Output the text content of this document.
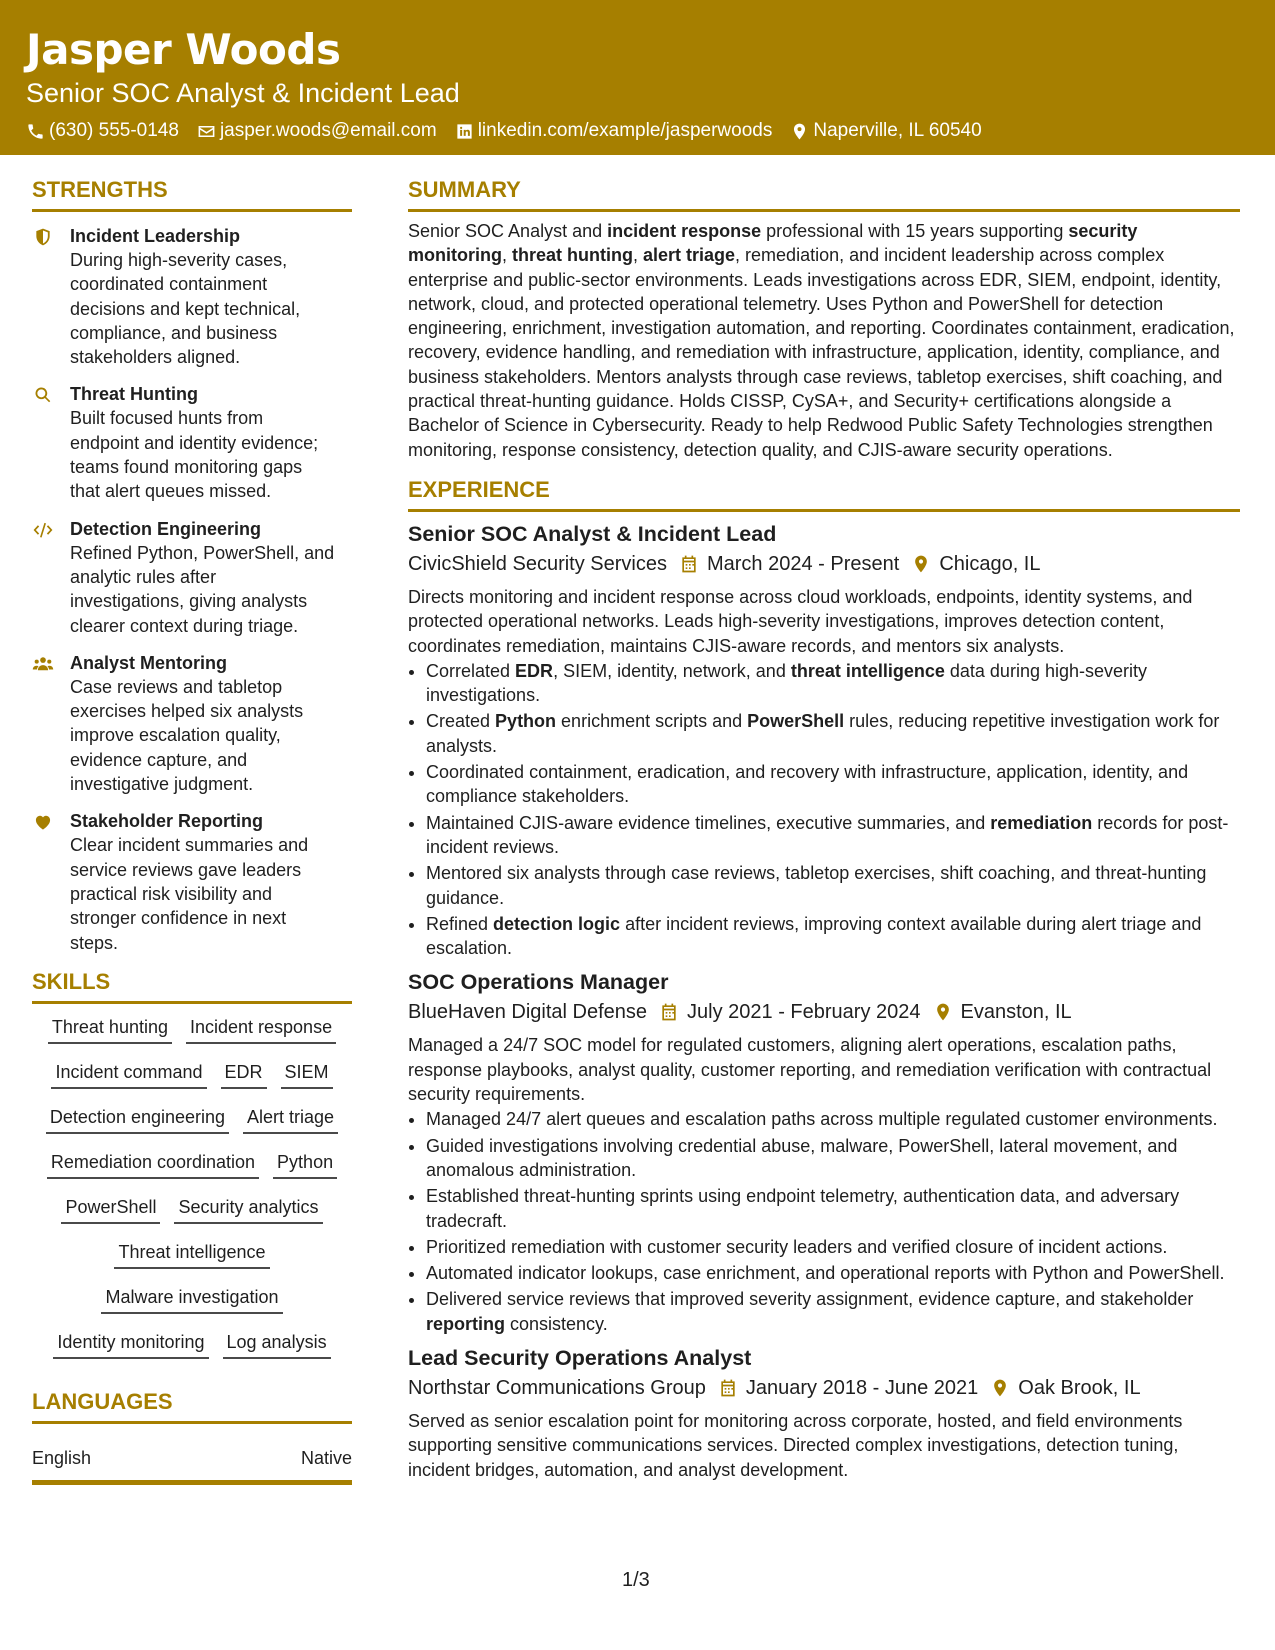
Jasper Woods
Senior SOC Analyst & Incident Lead
(630) 555-0148 jasper.woods@email.com linkedin.com/example/jasperwoods Naperville, IL 60540
STRENGTHS
Incident Leadership
During high-severity cases,
coordinated containment
decisions and kept technical,
compliance, and business
stakeholders aligned.
Threat Hunting
Built focused hunts from
endpoint and identity evidence;
teams found monitoring gaps
that alert queues missed.
Detection Engineering
Refined Python, PowerShell, and
analytic rules after
investigations, giving analysts
clearer context during triage.
Analyst Mentoring
Case reviews and tabletop
exercises helped six analysts
improve escalation quality,
evidence capture, and
investigative judgment.
Stakeholder Reporting
Clear incident summaries and
service reviews gave leaders
practical risk visibility and
stronger confidence in next
steps.
SKILLS
Threat hunting Incident response
Incident command EDR SIEM
Detection engineering Alert triage
Remediation coordination Python
PowerShell Security analytics
Threat intelligence
Malware investigation
Identity monitoring Log analysis
LANGUAGES
English	Native
SUMMARY
Senior SOC Analyst and incident response professional with 15 years supporting security monitoring, threat hunting, alert triage, remediation, and incident leadership across complex enterprise and public-sector environments. Leads investigations across EDR, SIEM, endpoint, identity, network, cloud, and protected operational telemetry. Uses Python and PowerShell for detection engineering, enrichment, investigation automation, and reporting. Coordinates containment, eradication, recovery, evidence handling, and remediation with infrastructure, application, identity, compliance, and business stakeholders. Mentors analysts through case reviews, tabletop exercises, shift coaching, and practical threat-hunting guidance. Holds CISSP, CySA+, and Security+ certifications alongside a Bachelor of Science in Cybersecurity. Ready to help Redwood Public Safety Technologies strengthen monitoring, response consistency, detection quality, and CJIS-aware security operations.
EXPERIENCE
Senior SOC Analyst & Incident Lead
CivicShield Security Services March 2024 - Present Chicago, IL
Directs monitoring and incident response across cloud workloads, endpoints, identity systems, and protected operational networks. Leads high-severity investigations, improves detection content, coordinates remediation, maintains CJIS-aware records, and mentors six analysts.
• Correlated EDR, SIEM, identity, network, and threat intelligence data during high-severity investigations.
• Created Python enrichment scripts and PowerShell rules, reducing repetitive investigation work for analysts.
• Coordinated containment, eradication, and recovery with infrastructure, application, identity, and compliance stakeholders.
• Maintained CJIS-aware evidence timelines, executive summaries, and remediation records for post-incident reviews.
• Mentored six analysts through case reviews, tabletop exercises, shift coaching, and threat-hunting guidance.
• Refined detection logic after incident reviews, improving context available during alert triage and escalation.
SOC Operations Manager
BlueHaven Digital Defense July 2021 - February 2024 Evanston, IL
Managed a 24/7 SOC model for regulated customers, aligning alert operations, escalation paths, response playbooks, analyst quality, customer reporting, and remediation verification with contractual security requirements.
• Managed 24/7 alert queues and escalation paths across multiple regulated customer environments.
• Guided investigations involving credential abuse, malware, PowerShell, lateral movement, and anomalous administration.
• Established threat-hunting sprints using endpoint telemetry, authentication data, and adversary tradecraft.
• Prioritized remediation with customer security leaders and verified closure of incident actions.
• Automated indicator lookups, case enrichment, and operational reports with Python and PowerShell.
• Delivered service reviews that improved severity assignment, evidence capture, and stakeholder reporting consistency.
Lead Security Operations Analyst
Northstar Communications Group January 2018 - June 2021 Oak Brook, IL
Served as senior escalation point for monitoring across corporate, hosted, and field environments supporting sensitive communications services. Directed complex investigations, detection tuning, incident bridges, automation, and analyst development.
1/3
